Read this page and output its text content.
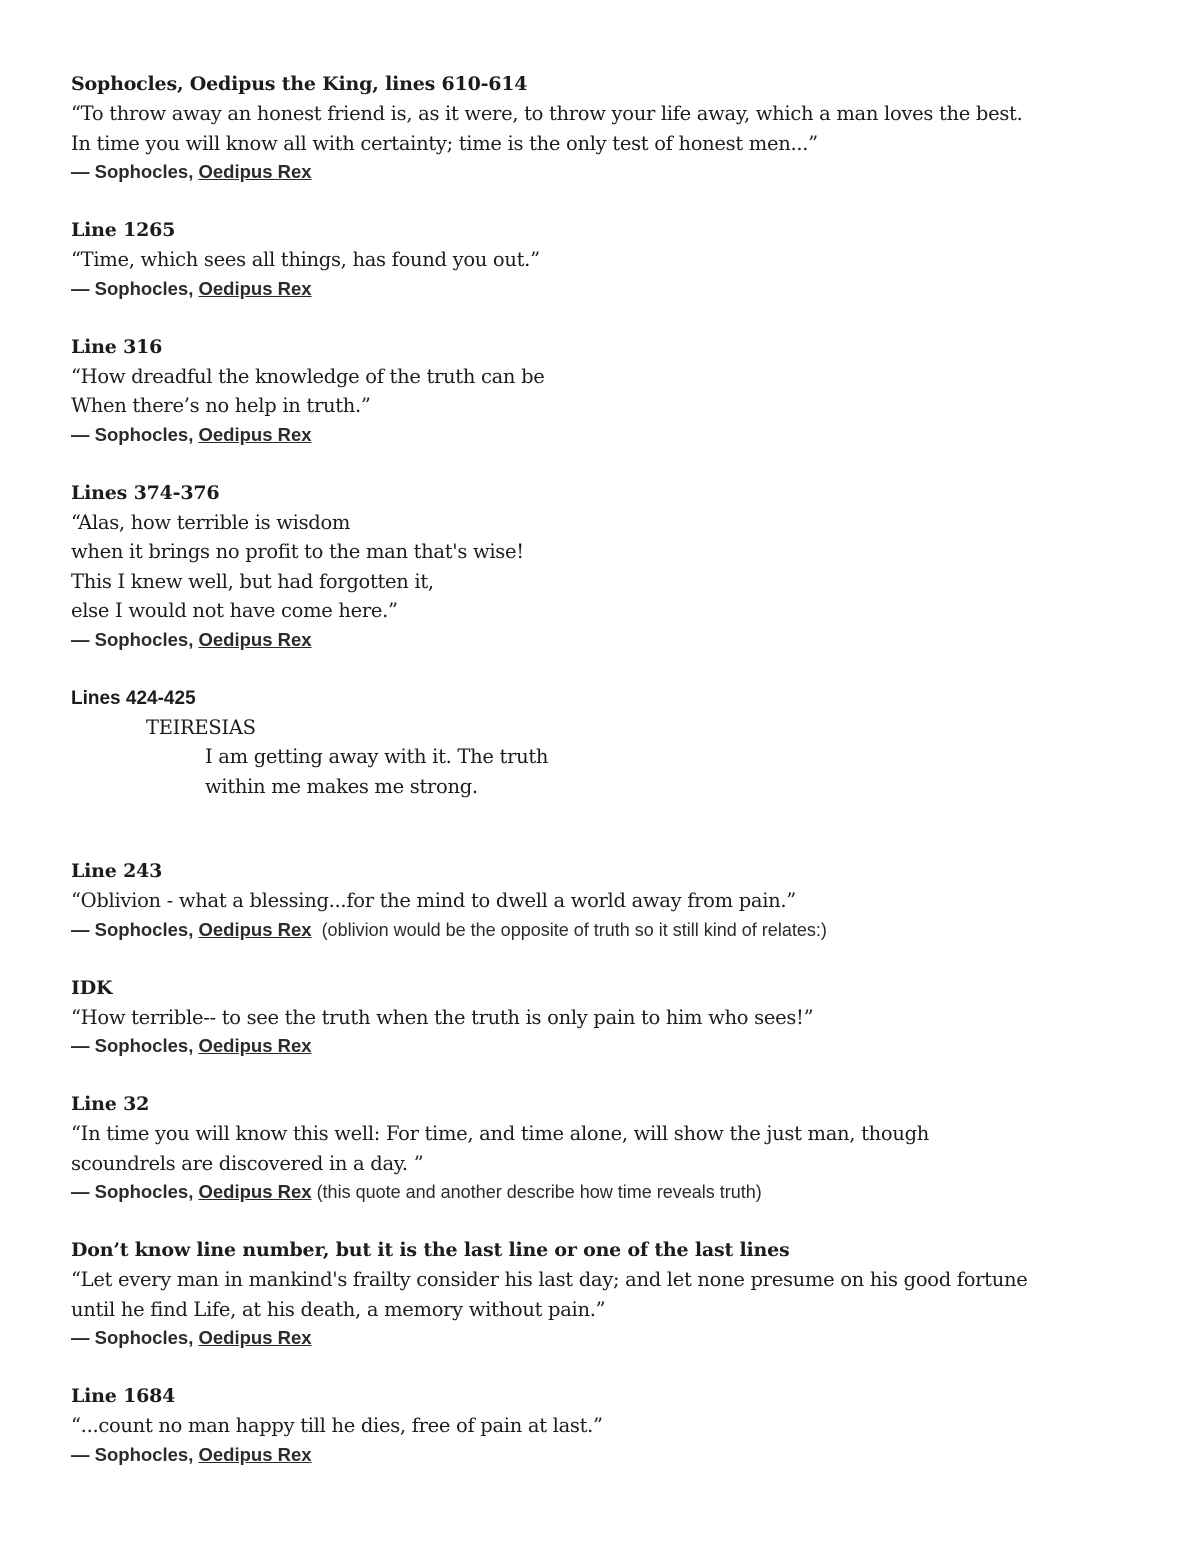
Sophocles, Oedipus the King, lines 610-614
“To throw away an honest friend is, as it were, to throw your life away, which a man loves the best.
In time you will know all with certainty; time is the only test of honest men...”
— Sophocles, Oedipus Rex
Line 1265
“Time, which sees all things, has found you out.”
— Sophocles, Oedipus Rex
Line 316
“How dreadful the knowledge of the truth can be
When there’s no help in truth.”
— Sophocles, Oedipus Rex
Lines 374-376
“Alas, how terrible is wisdom
when it brings no profit to the man that's wise!
This I knew well, but had forgotten it,
else I would not have come here.”
— Sophocles, Oedipus Rex
Lines 424-425
TEIRESIAS
I am getting away with it. The truth
within me makes me strong.
Line 243
“Oblivion - what a blessing...for the mind to dwell a world away from pain.”
— Sophocles, Oedipus Rex  (oblivion would be the opposite of truth so it still kind of relates:)
IDK
“How terrible-- to see the truth when the truth is only pain to him who sees!”
— Sophocles, Oedipus Rex
Line 32
“In time you will know this well: For time, and time alone, will show the just man, though
scoundrels are discovered in a day. ”
— Sophocles, Oedipus Rex (this quote and another describe how time reveals truth)
Don’t know line number, but it is the last line or one of the last lines
“Let every man in mankind's frailty consider his last day; and let none presume on his good fortune
until he find Life, at his death, a memory without pain.”
— Sophocles, Oedipus Rex
Line 1684
“...count no man happy till he dies, free of pain at last.”
— Sophocles, Oedipus Rex
